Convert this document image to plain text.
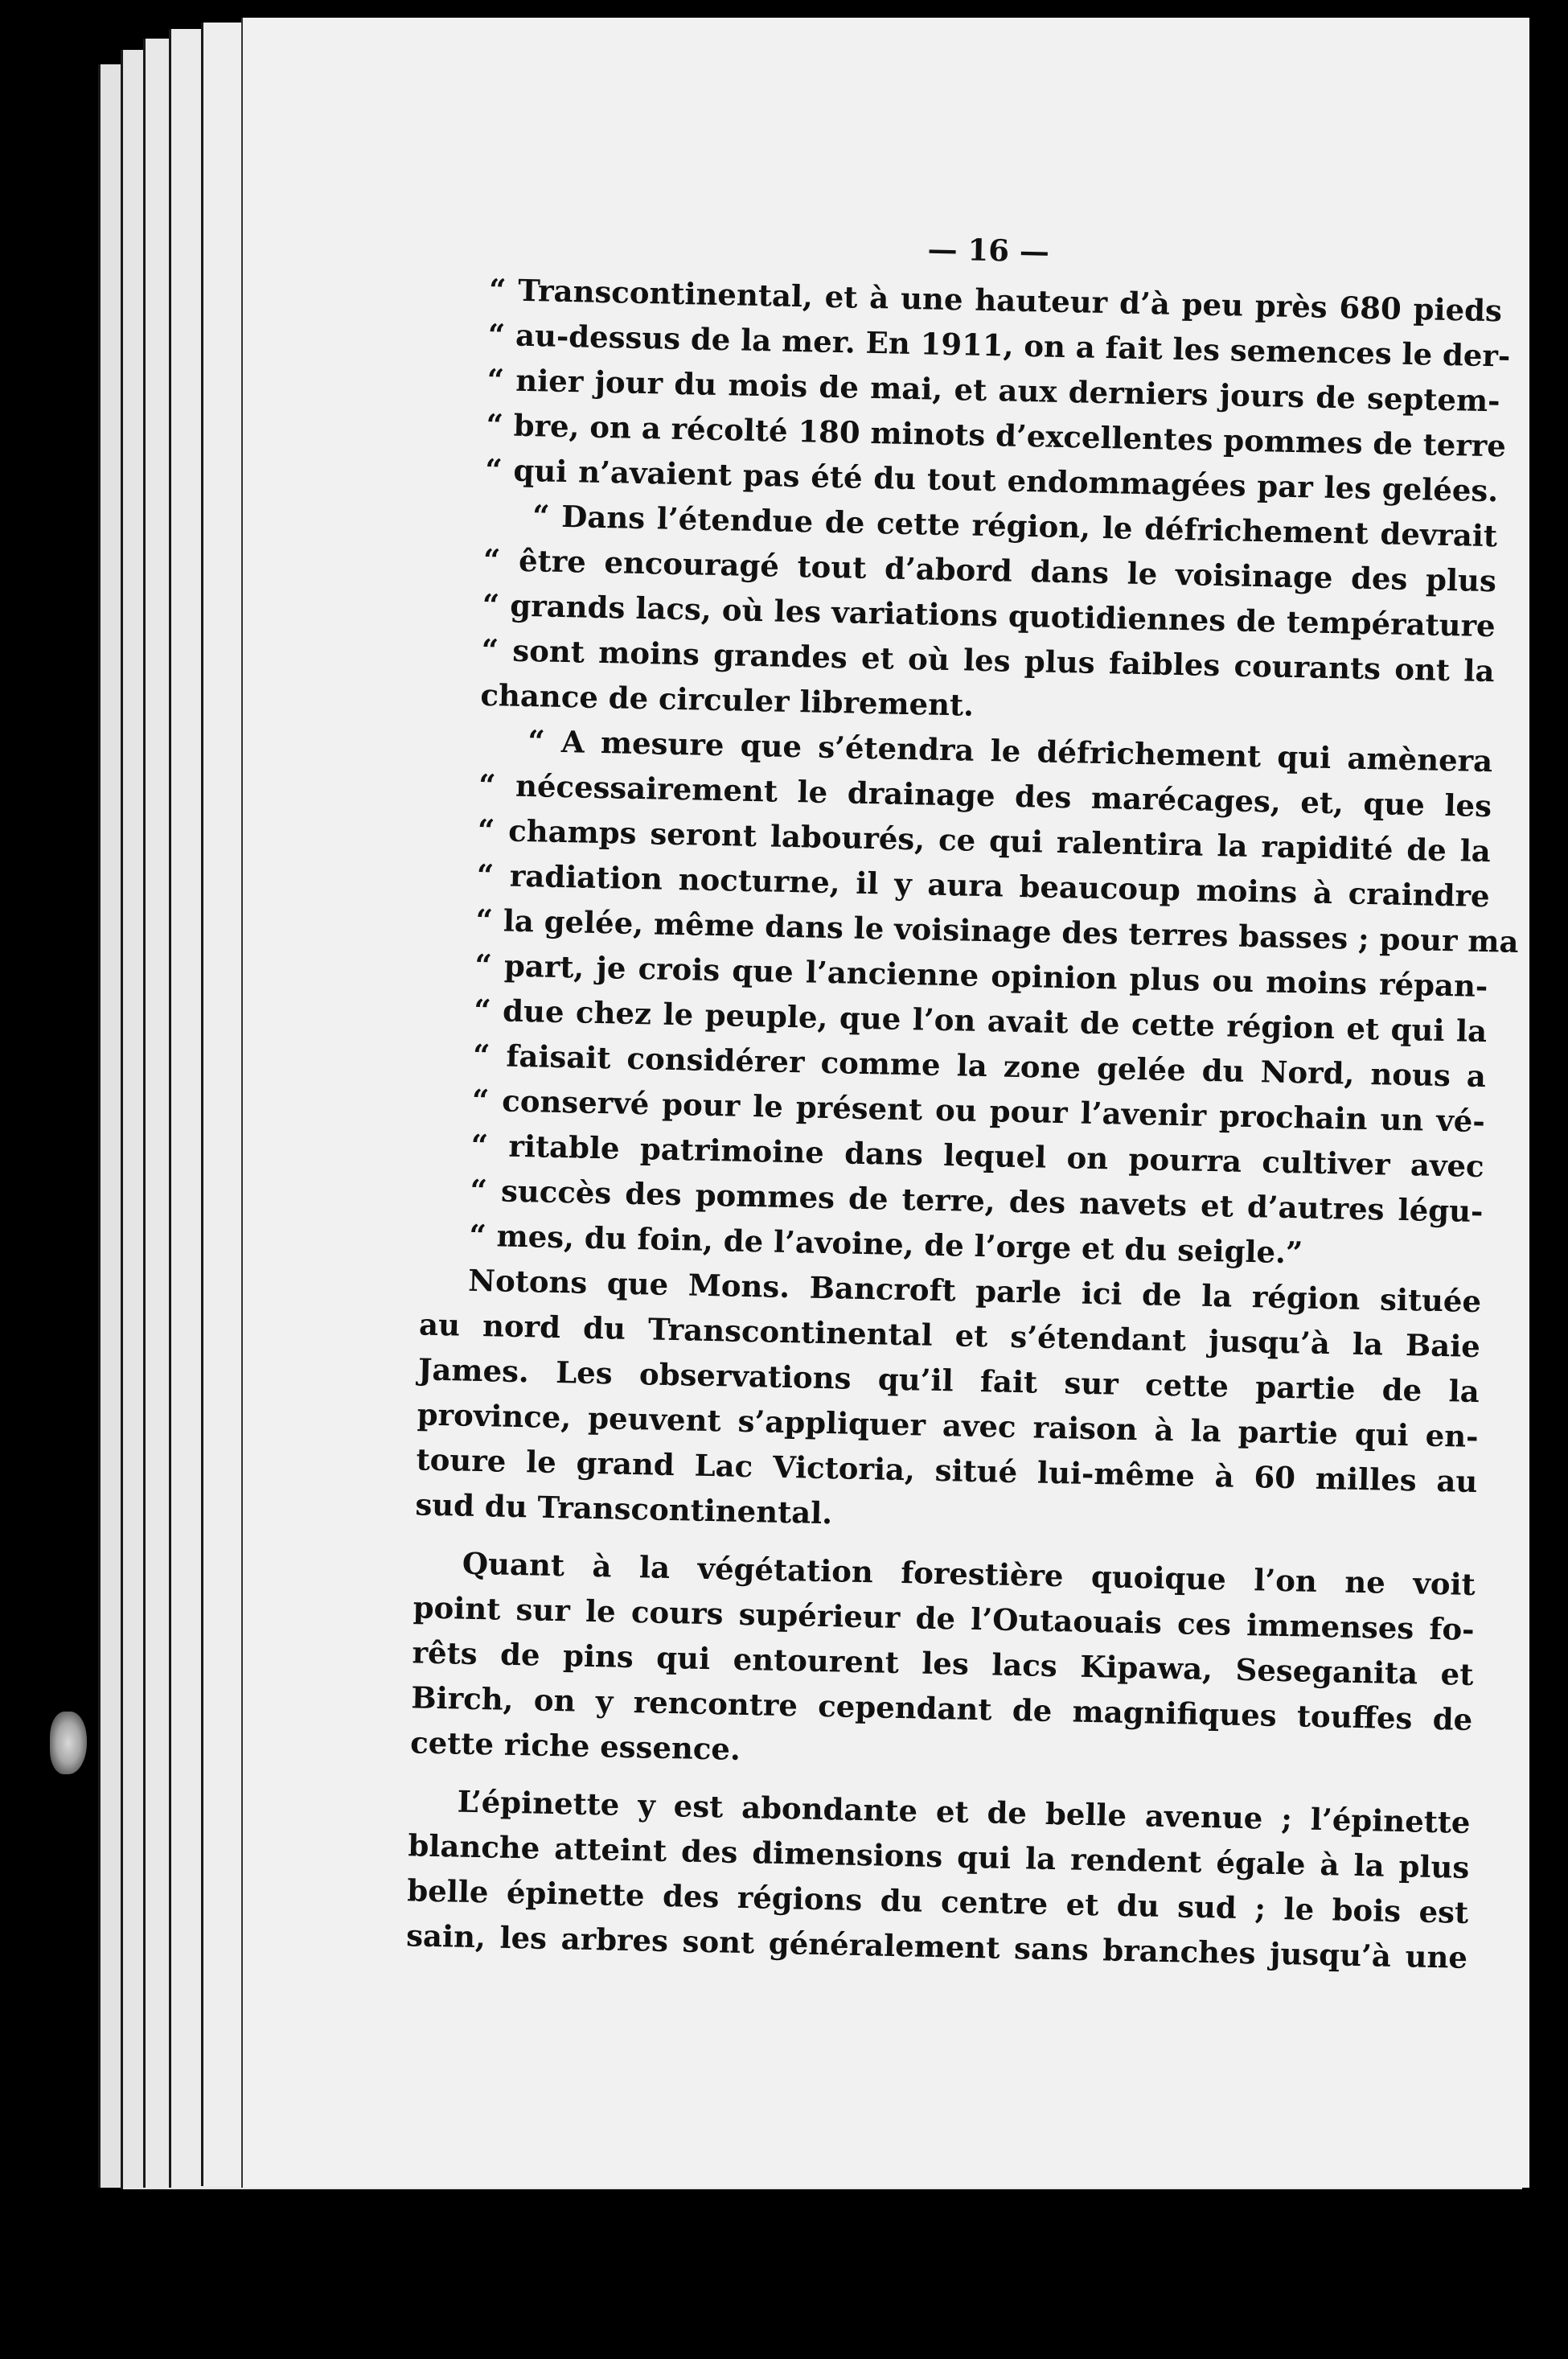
— 16 —
“ Transcontinental, et à une hauteur d’à peu près 680 pieds
“ au-dessus de la mer. En 1911, on a fait les semences le der-
“ nier jour du mois de mai, et aux derniers jours de septem-
“ bre, on a récolté 180 minots d’excellentes pommes de terre
“ qui n’avaient pas été du tout endommagées par les gelées.
“ Dans l’étendue de cette région, le défrichement devrait
“ être encouragé tout d’abord dans le voisinage des plus
“ grands lacs, où les variations quotidiennes de température
“ sont moins grandes et où les plus faibles courants ont la
chance de circuler librement.
“ A mesure que s’étendra le défrichement qui amènera
“ nécessairement le drainage des marécages, et, que les
“ champs seront labourés, ce qui ralentira la rapidité de la
“ radiation nocturne, il y aura beaucoup moins à craindre
“ la gelée, même dans le voisinage des terres basses ; pour ma
“ part, je crois que l’ancienne opinion plus ou moins répan-
“ due chez le peuple, que l’on avait de cette région et qui la
“ faisait considérer comme la zone gelée du Nord, nous a
“ conservé pour le présent ou pour l’avenir prochain un vé-
“ ritable patrimoine dans lequel on pourra cultiver avec
“ succès des pommes de terre, des navets et d’autres légu-
“ mes, du foin, de l’avoine, de l’orge et du seigle.”
Notons que Mons. Bancroft parle ici de la région située
au nord du Transcontinental et s’étendant jusqu’à la Baie
James. Les observations qu’il fait sur cette partie de la
province, peuvent s’appliquer avec raison à la partie qui en-
toure le grand Lac Victoria, situé lui-même à 60 milles au
sud du Transcontinental.
Quant à la végétation forestière quoique l’on ne voit
point sur le cours supérieur de l’Outaouais ces immenses fo-
rêts de pins qui entourent les lacs Kipawa, Seseganita et
Birch, on y rencontre cependant de magnifiques touffes de
cette riche essence.
L’épinette y est abondante et de belle avenue ; l’épinette
blanche atteint des dimensions qui la rendent égale à la plus
belle épinette des régions du centre et du sud ; le bois est
sain, les arbres sont généralement sans branches jusqu’à une
